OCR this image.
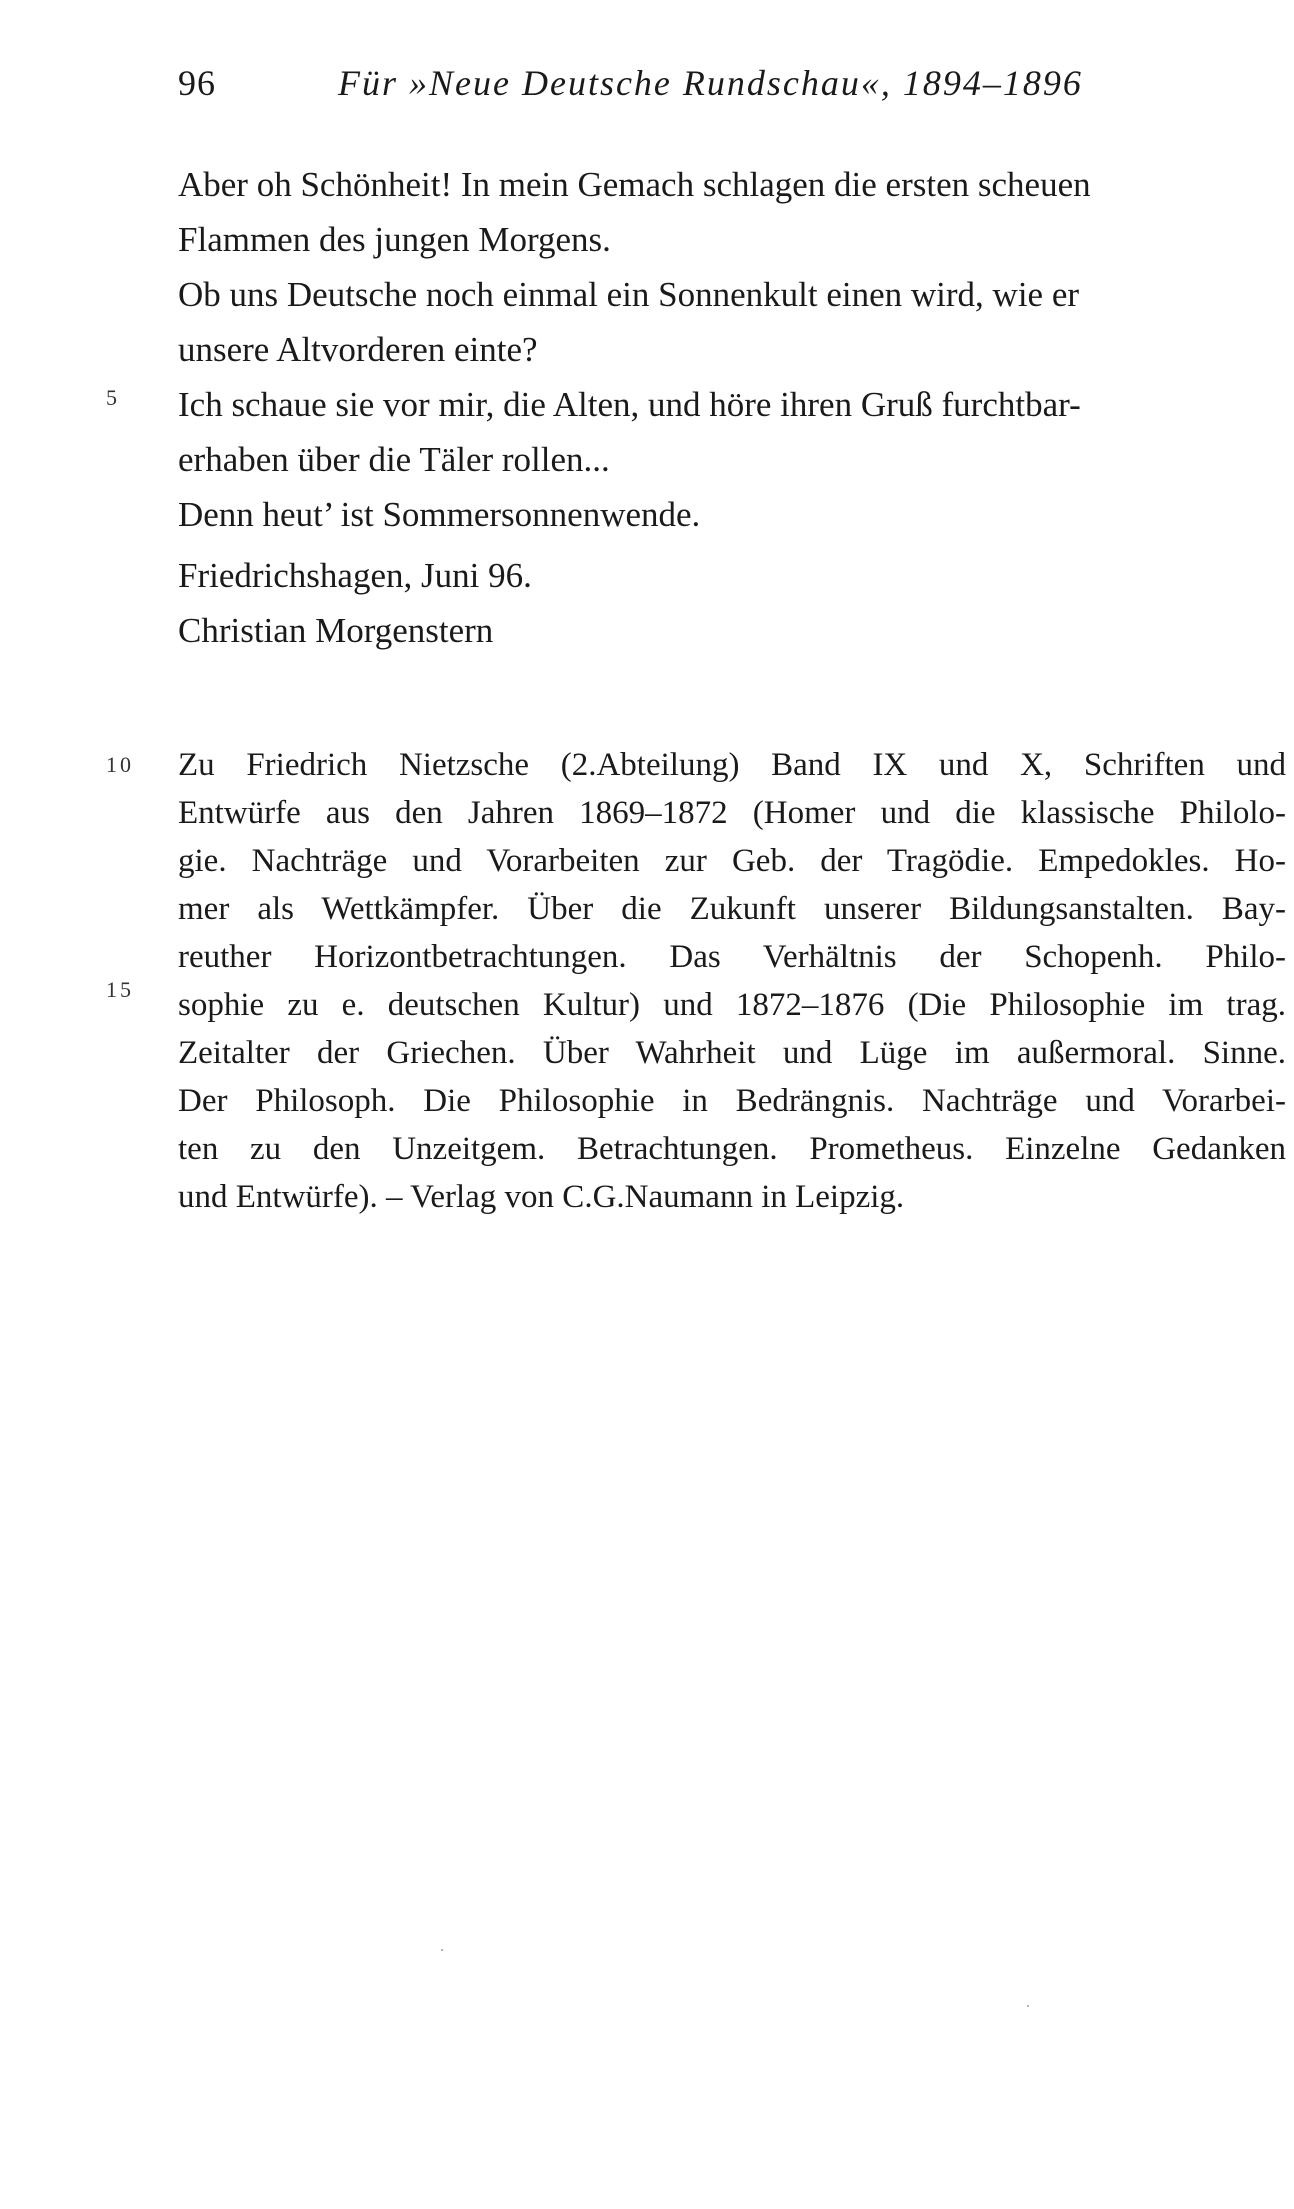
96	Für »Neue Deutsche Rundschau«, 1894–1896
Aber oh Schönheit! In mein Gemach schlagen die ersten scheuen
Flammen des jungen Morgens.
Ob uns Deutsche noch einmal ein Sonnenkult einen wird, wie er
unsere Altvorderen einte?
Ich schaue sie vor mir, die Alten, und höre ihren Gruß furchtbar-
erhaben über die Täler rollen...
Denn heut’ ist Sommersonnenwende.
5
Friedrichshagen, Juni 96.
Christian Morgenstern
Zu Friedrich Nietzsche (2.Abteilung) Band IX und X, Schriften und
Entwürfe aus den Jahren 1869–1872 (Homer und die klassische Philolo-
gie. Nachträge und Vorarbeiten zur Geb. der Tragödie. Empedokles. Ho-
mer als Wettkämpfer. Über die Zukunft unserer Bildungsanstalten. Bay-
reuther Horizontbetrachtungen. Das Verhältnis der Schopenh. Philo-
sophie zu e. deutschen Kultur) und 1872–1876 (Die Philosophie im trag.
Zeitalter der Griechen. Über Wahrheit und Lüge im außermoral. Sinne.
Der Philosoph. Die Philosophie in Bedrängnis. Nachträge und Vorarbei-
ten zu den Unzeitgem. Betrachtungen. Prometheus. Einzelne Gedanken
und Entwürfe). – Verlag von C.G.Naumann in Leipzig.
10
15
